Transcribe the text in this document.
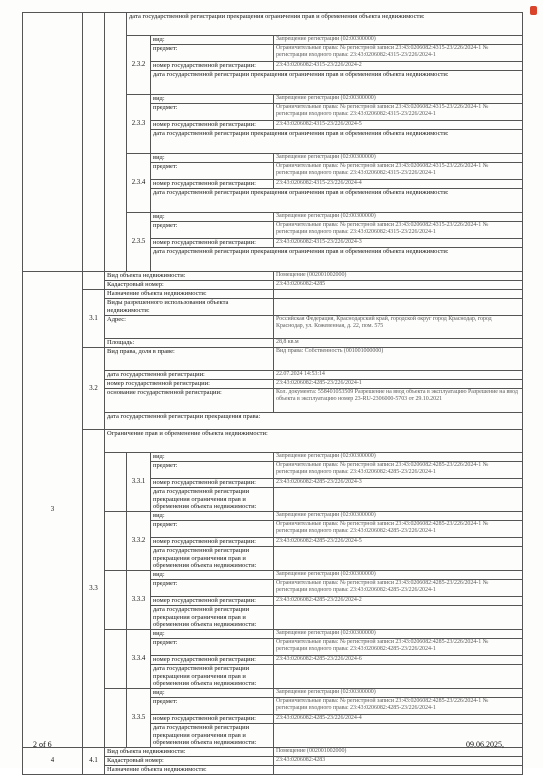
			дата государственной регистрации прекращения ограничения прав и обременения объекта недвижимости:		
			2.3.2	вид:	Запрещение регистрации (02:00300000)
				предмет:	Ограничительные права: № регистрной записи 23:43:0206082:4315-23/226/2024-1 № регистрации входного права: 23:43:0206082:4315-23/226/2024-1
				номер государственной регистрации:	23:43:0206082:4315-23/226/2024-2
				дата государственной регистрации прекращения ограничения прав и обременения объекта недвижимости:	
			2.3.3	вид:	Запрещение регистрации (02:00300000)
				предмет:	Ограничительные права: № регистрной записи 23:43:0206082:4315-23/226/2024-1 № регистрации входного права: 23:43:0206082:4315-23/226/2024-1
				номер государственной регистрации:	23:43:0206082:4315-23/226/2024-5
				дата государственной регистрации прекращения ограничения прав и обременения объекта недвижимости:	
			2.3.4	вид:	Запрещение регистрации (02:00300000)
				предмет:	Ограничительные права: № регистрной записи 23:43:0206082:4315-23/226/2024-1 № регистрации входного права: 23:43:0206082:4315-23/226/2024-1
				номер государственной регистрации:	23:43:0206082:4315-23/226/2024-4
				дата государственной регистрации прекращения ограничения прав и обременения объекта недвижимости:	
			2.3.5	вид:	Запрещение регистрации (02:00300000)
				предмет:	Ограничительные права: № регистрной записи 23:43:0206082:4315-23/226/2024-1 № регистрации входного права: 23:43:0206082:4315-23/226/2024-1
				номер государственной регистрации:	23:43:0206082:4315-23/226/2024-3
				дата государственной регистрации прекращения ограничения прав и обременения объекта недвижимости:	
3		Вид объекта недвижимости:			Помещение (002001002000)
		Кадастровый номер:			23:43:0206082:4285
	3.1	Назначение объекта недвижимости:			
		Виды разрешенного использования объекта недвижимости:			
		Адрес:			Российская Федерация, Краснодарский край, городской округ город Краснодар, город Краснодар, ул. Кожевенная, д. 22, пом. 575
		Площадь:			28,8 кв.м
	3.2	Вид права, доля в праве:			Вид права: Собственность (001001000000)
		дата государственной регистрации:			22.07.2024 14:53:14
		номер государственной регистрации:			23:43:0206082:4285-23/226/2024-1
		основание государственной регистрации:			Кол. документа: 558401053509 Разрешение на ввод объекта в эксплуатацию Разрешение на ввод объекта в эксплуатацию номер 23-RU-2306000-5703 от 29.10.2021
		дата государственной регистрации прекращения права:			
	3.3	Ограничение прав и обременение объекта недвижимости:			
			3.3.1	вид:	Запрещение регистрации (02:00300000)
				предмет:	Ограничительные права: № регистрной записи 23:43:0206082:4285-23/226/2024-1 № регистрации входного права: 23:43:0206082:4285-23/226/2024-1
				номер государственной регистрации:	23:43:0206082:4285-23/226/2024-3
				дата государственной регистрации прекращения ограничения прав и обременения объекта недвижимости:	
			3.3.2	вид:	Запрещение регистрации (02:00300000)
				предмет:	Ограничительные права: № регистрной записи 23:43:0206082:4285-23/226/2024-1 № регистрации входного права: 23:43:0206082:4285-23/226/2024-1
				номер государственной регистрации:	23:43:0206082:4285-23/226/2024-5
				дата государственной регистрации прекращения ограничения прав и обременения объекта недвижимости:	
			3.3.3	вид:	Запрещение регистрации (02:00300000)
				предмет:	Ограничительные права: № регистрной записи 23:43:0206082:4285-23/226/2024-1 № регистрации входного права: 23:43:0206082:4285-23/226/2024-1
				номер государственной регистрации:	23:43:0206082:4285-23/226/2024-2
				дата государственной регистрации прекращения ограничения прав и обременения объекта недвижимости:	
			3.3.4	вид:	Запрещение регистрации (02:00300000)
				предмет:	Ограничительные права: № регистрной записи 23:43:0206082:4285-23/226/2024-1 № регистрации входного права: 23:43:0206082:4285-23/226/2024-1
				номер государственной регистрации:	23:43:0206082:4285-23/226/2024-6
				дата государственной регистрации прекращения ограничения прав и обременения объекта недвижимости:	
			3.3.5	вид:	Запрещение регистрации (02:00300000)
				предмет:	Ограничительные права: № регистрной записи 23:43:0206082:4285-23/226/2024-1 № регистрации входного права: 23:43:0206082:4285-23/226/2024-1
				номер государственной регистрации:	23:43:0206082:4285-23/226/2024-4
				дата государственной регистрации прекращения ограничения прав и обременения объекта недвижимости:	
4	4.1	Вид объекта недвижимости:			Помещение (002001002000)
		Кадастровый номер:			23:43:0206082:4283
		Назначение объекта недвижимости:			
2 of 6	09.06.2025,
